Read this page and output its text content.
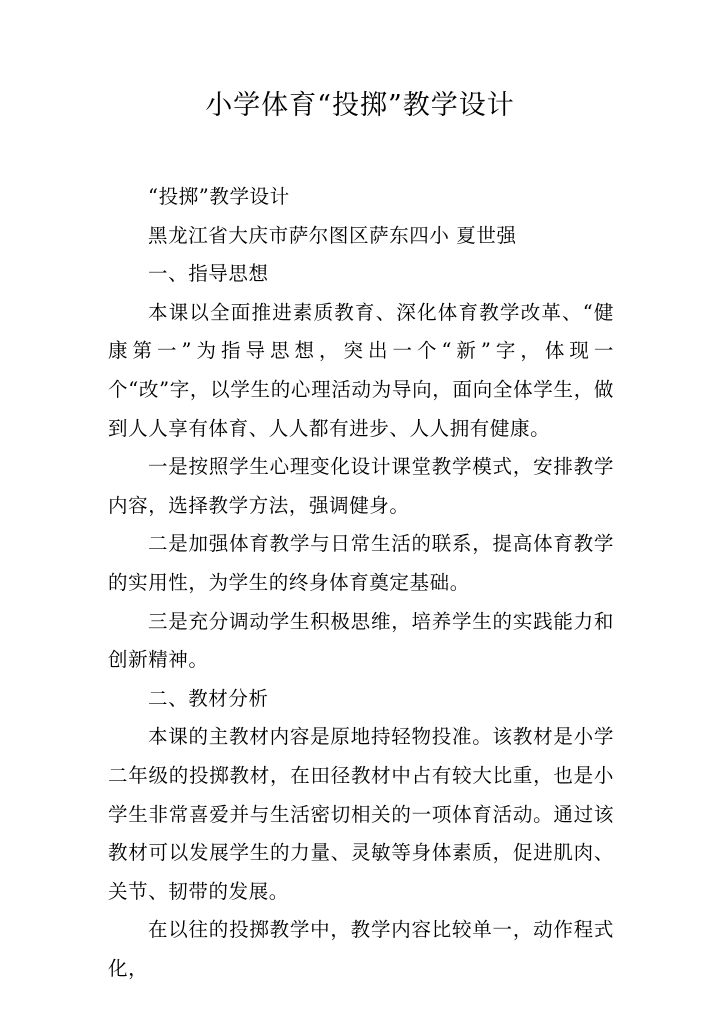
小学体育“投掷”教学设计

“投掷”教学设计

黑龙江省大庆市萨尔图区萨东四小 夏世强

一、指导思想

本课以全面推进素质教育、深化体育教学改革、“健康第一”为指导思想，突出一个“新”字，体现一个“改”字，以学生的心理活动为导向，面向全体学生，做到人人享有体育、人人都有进步、人人拥有健康。

一是按照学生心理变化设计课堂教学模式，安排教学内容，选择教学方法，强调健身。

二是加强体育教学与日常生活的联系，提高体育教学的实用性，为学生的终身体育奠定基础。

三是充分调动学生积极思维，培养学生的实践能力和创新精神。

二、教材分析

本课的主教材内容是原地持轻物投准。该教材是小学二年级的投掷教材，在田径教材中占有较大比重，也是小学生非常喜爱并与生活密切相关的一项体育活动。通过该教材可以发展学生的力量、灵敏等身体素质，促进肌肉、关节、韧带的发展。

在以往的投掷教学中，教学内容比较单一，动作程式化，
